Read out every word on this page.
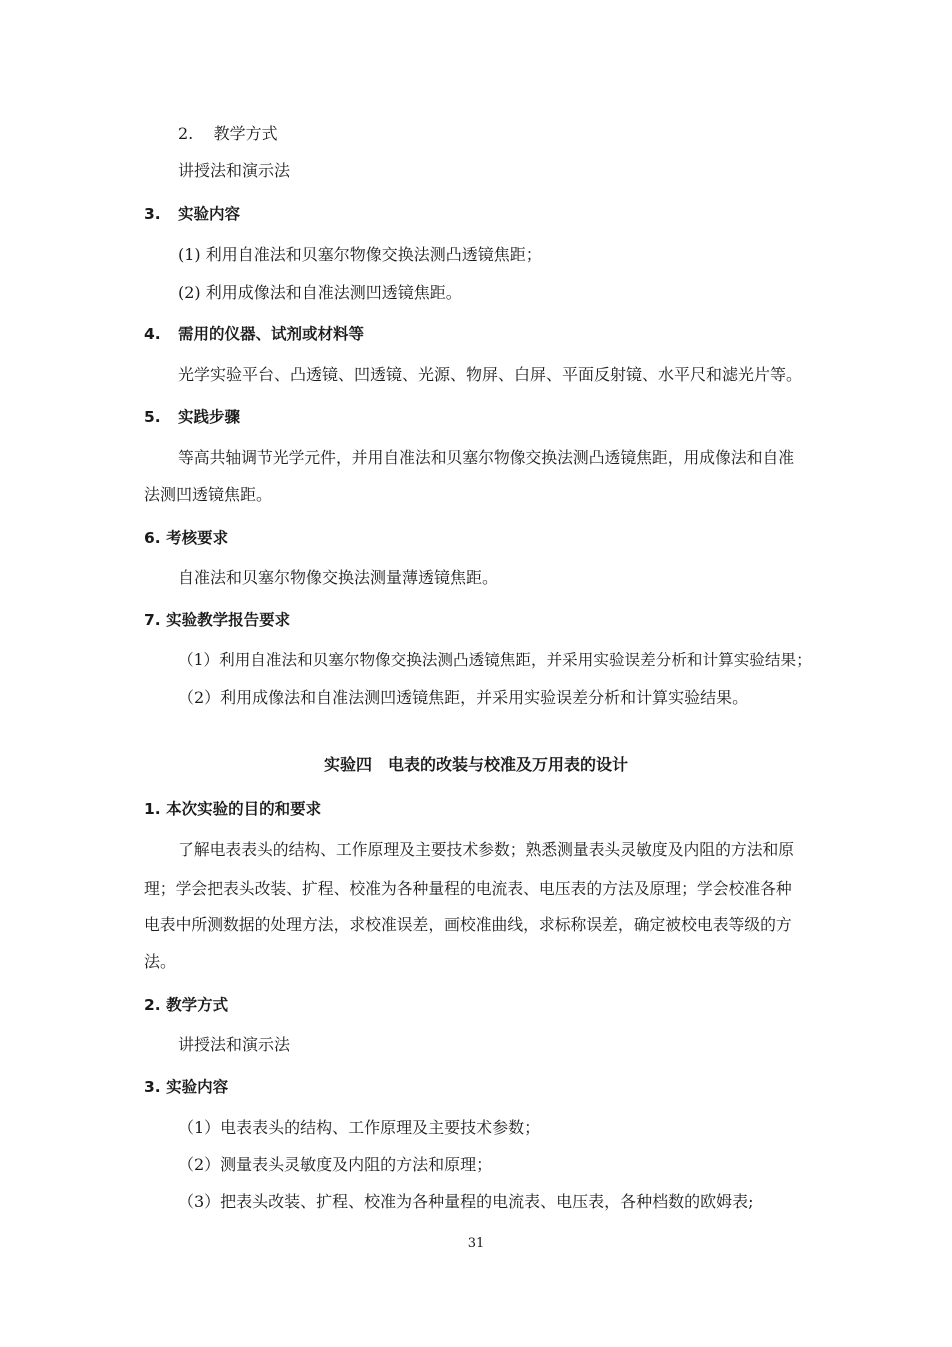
2. 教学方式
讲授法和演示法
3. 实验内容
(1) 利用自准法和贝塞尔物像交换法测凸透镜焦距；
(2) 利用成像法和自准法测凹透镜焦距。
4. 需用的仪器、试剂或材料等
光学实验平台、凸透镜、凹透镜、光源、物屏、白屏、平面反射镜、水平尺和滤光片等。
5. 实践步骤
等高共轴调节光学元件，并用自准法和贝塞尔物像交换法测凸透镜焦距，用成像法和自准
法测凹透镜焦距。
6. 考核要求
自准法和贝塞尔物像交换法测量薄透镜焦距。
7. 实验教学报告要求
（1）利用自准法和贝塞尔物像交换法测凸透镜焦距，并采用实验误差分析和计算实验结果；
（2）利用成像法和自准法测凹透镜焦距，并采用实验误差分析和计算实验结果。
实验四　电表的改装与校准及万用表的设计
1. 本次实验的目的和要求
了解电表表头的结构、工作原理及主要技术参数；熟悉测量表头灵敏度及内阻的方法和原
理；学会把表头改装、扩程、校准为各种量程的电流表、电压表的方法及原理；学会校准各种
电表中所测数据的处理方法，求校准误差，画校准曲线，求标称误差，确定被校电表等级的方
法。
2. 教学方式
讲授法和演示法
3. 实验内容
（1）电表表头的结构、工作原理及主要技术参数；
（2）测量表头灵敏度及内阻的方法和原理；
（3）把表头改装、扩程、校准为各种量程的电流表、电压表，各种档数的欧姆表;
31
